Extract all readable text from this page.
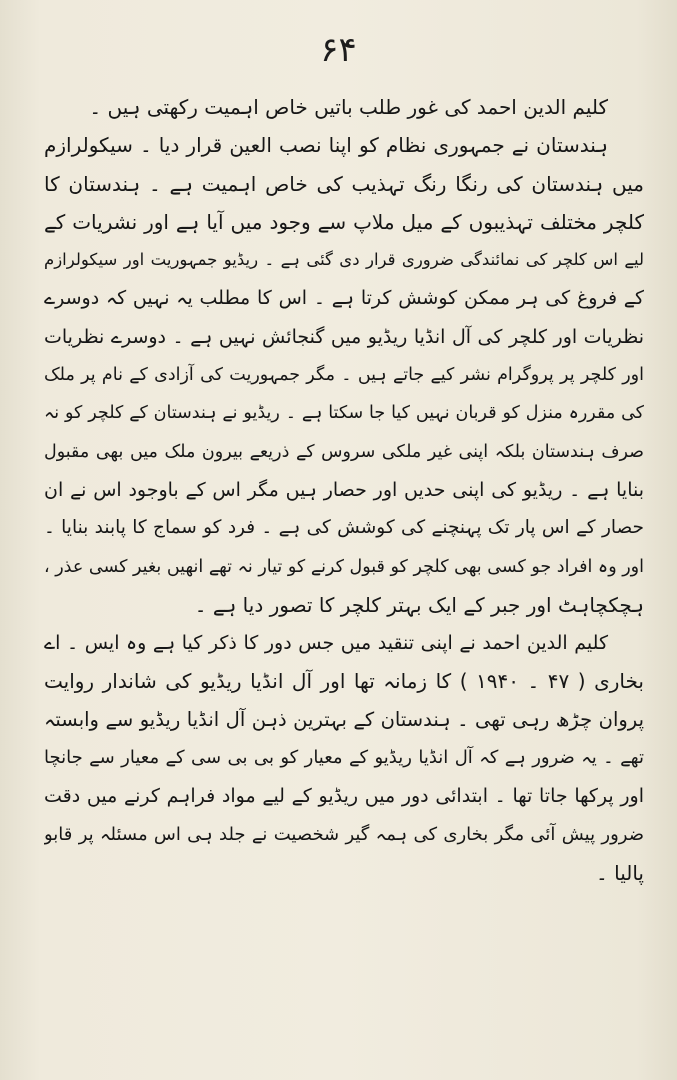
۶۴
کلیم الدین احمد کی غور طلب باتیں خاص اہمیت رکھتی ہیں ۔
ہندستان نے جمہوری نظام کو اپنا نصب العین قرار دیا ۔ سیکولرازم
میں ہندستان کی رنگا رنگ تہذیب کی خاص اہمیت ہے ۔ ہندستان کا
کلچر مختلف تہذیبوں کے میل ملاپ سے وجود میں آیا ہے اور نشریات کے
لیے اس کلچر کی نمائندگی ضروری قرار دی گئی ہے ۔ ریڈیو جمہوریت اور سیکولرازم
کے فروغ کی ہر ممکن کوشش کرتا ہے ۔ اس کا مطلب یہ نہیں کہ دوسرے
نظریات اور کلچر کی آل انڈیا ریڈیو میں گنجائش نہیں ہے ۔ دوسرے نظریات
اور کلچر پر پروگرام نشر کیے جاتے ہیں ۔ مگر جمہوریت کی آزادی کے نام پر ملک
کی مقررہ منزل کو قربان نہیں کیا جا سکتا ہے ۔ ریڈیو نے ہندستان کے کلچر کو نہ
صرف ہندستان بلکہ اپنی غیر ملکی سروس کے ذریعے بیرون ملک میں بھی مقبول
بنایا ہے ۔ ریڈیو کی اپنی حدیں اور حصار ہیں مگر اس کے باوجود اس نے ان
حصار کے اس پار تک پہنچنے کی کوشش کی ہے ۔ فرد کو سماج کا پابند بنایا ۔
اور وہ افراد جو کسی بھی کلچر کو قبول کرنے کو تیار نہ تھے انھیں بغیر کسی عذر ،
ہچکچاہٹ اور جبر کے ایک بہتر کلچر کا تصور دیا ہے ۔
کلیم الدین احمد نے اپنی تنقید میں جس دور کا ذکر کیا ہے وہ ایس ۔ اے
بخاری ( ۴۷ ۔ ۱۹۴۰ ) کا زمانہ تھا اور آل انڈیا ریڈیو کی شاندار روایت
پروان چڑھ رہی تھی ۔ ہندستان کے بہترین ذہن آل انڈیا ریڈیو سے وابستہ
تھے ۔ یہ ضرور ہے کہ آل انڈیا ریڈیو کے معیار کو بی بی سی کے معیار سے جانچا
اور پرکھا جاتا تھا ۔ ابتدائی دور میں ریڈیو کے لیے مواد فراہم کرنے میں دقت
ضرور پیش آئی مگر بخاری کی ہمہ گیر شخصیت نے جلد ہی اس مسئلہ پر قابو
پالیا ۔
